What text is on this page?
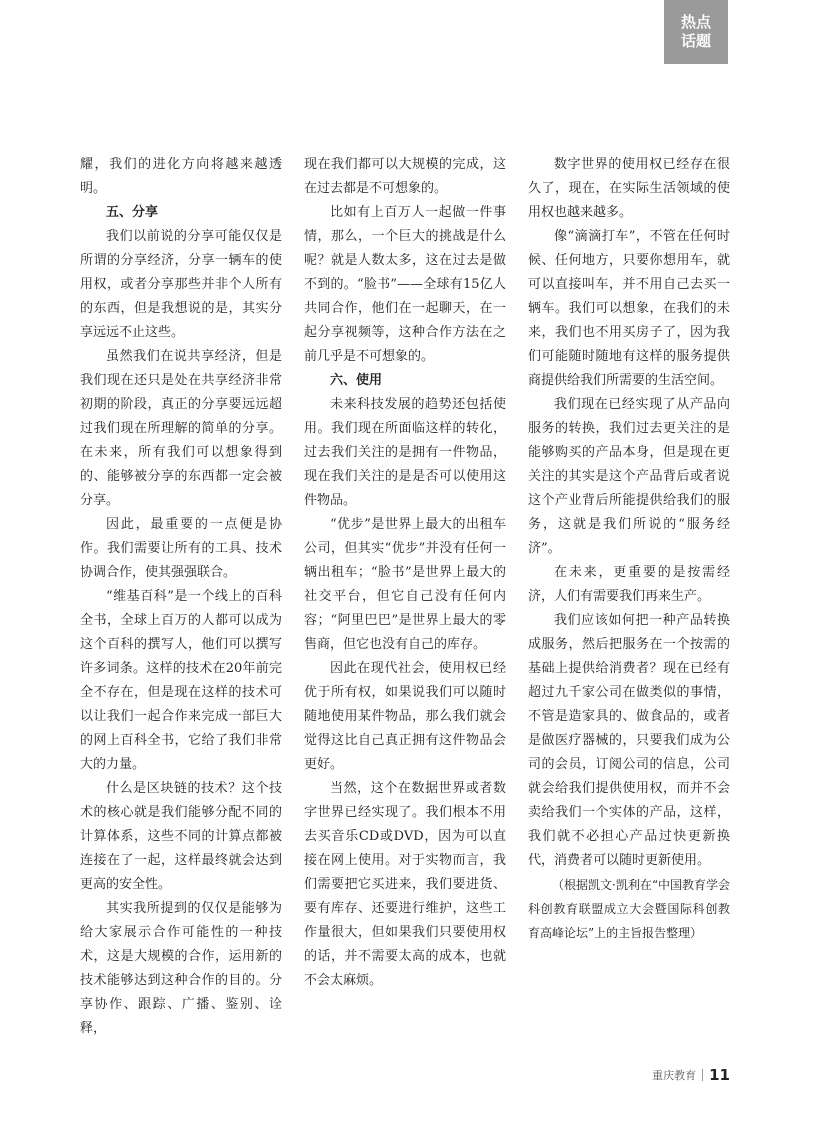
热点
话题

耀，我们的进化方向将越来越透明。

五、分享

我们以前说的分享可能仅仅是所谓的分享经济，分享一辆车的使用权，或者分享那些并非个人所有的东西，但是我想说的是，其实分享远远不止这些。

虽然我们在说共享经济，但是我们现在还只是处在共享经济非常初期的阶段，真正的分享要远远超过我们现在所理解的简单的分享。在未来，所有我们可以想象得到的、能够被分享的东西都一定会被分享。

因此，最重要的一点便是协作。我们需要让所有的工具、技术协调合作，使其强强联合。

“维基百科”是一个线上的百科全书，全球上百万的人都可以成为这个百科的撰写人，他们可以撰写许多词条。这样的技术在20年前完全不存在，但是现在这样的技术可以让我们一起合作来完成一部巨大的网上百科全书，它给了我们非常大的力量。

什么是区块链的技术？这个技术的核心就是我们能够分配不同的计算体系，这些不同的计算点都被连接在了一起，这样最终就会达到更高的安全性。

其实我所提到的仅仅是能够为给大家展示合作可能性的一种技术，这是大规模的合作，运用新的技术能够达到这种合作的目的。分享协作、跟踪、广播、鉴别、诠释，

现在我们都可以大规模的完成，这在过去都是不可想象的。

比如有上百万人一起做一件事情，那么，一个巨大的挑战是什么呢？就是人数太多，这在过去是做不到的。“脸书”——全球有15亿人共同合作，他们在一起聊天，在一起分享视频等，这种合作方法在之前几乎是不可想象的。

六、使用

未来科技发展的趋势还包括使用。我们现在所面临这样的转化，过去我们关注的是拥有一件物品，现在我们关注的是是否可以使用这件物品。

“优步”是世界上最大的出租车公司，但其实“优步”并没有任何一辆出租车；“脸书”是世界上最大的社交平台，但它自己没有任何内容；“阿里巴巴”是世界上最大的零售商，但它也没有自己的库存。

因此在现代社会，使用权已经优于所有权，如果说我们可以随时随地使用某件物品，那么我们就会觉得这比自己真正拥有这件物品会更好。

当然，这个在数据世界或者数字世界已经实现了。我们根本不用去买音乐CD或DVD，因为可以直接在网上使用。对于实物而言，我们需要把它买进来，我们要进货、要有库存、还要进行维护，这些工作量很大，但如果我们只要使用权的话，并不需要太高的成本，也就不会太麻烦。

数字世界的使用权已经存在很久了，现在，在实际生活领域的使用权也越来越多。

像“滴滴打车”，不管在任何时候、任何地方，只要你想用车，就可以直接叫车，并不用自己去买一辆车。我们可以想象，在我们的未来，我们也不用买房子了，因为我们可能随时随地有这样的服务提供商提供给我们所需要的生活空间。

我们现在已经实现了从产品向服务的转换，我们过去更关注的是能够购买的产品本身，但是现在更关注的其实是这个产品背后或者说这个产业背后所能提供给我们的服务，这就是我们所说的“服务经济”。

在未来，更重要的是按需经济，人们有需要我们再来生产。

我们应该如何把一种产品转换成服务，然后把服务在一个按需的基础上提供给消费者？现在已经有超过九千家公司在做类似的事情，不管是造家具的、做食品的，或者是做医疗器械的，只要我们成为公司的会员，订阅公司的信息，公司就会给我们提供使用权，而并不会卖给我们一个实体的产品，这样，我们就不必担心产品过快更新换代，消费者可以随时更新使用。

（根据凯文·凯利在“中国教育学会科创教育联盟成立大会暨国际科创教育高峰论坛”上的主旨报告整理）

重庆教育 11
